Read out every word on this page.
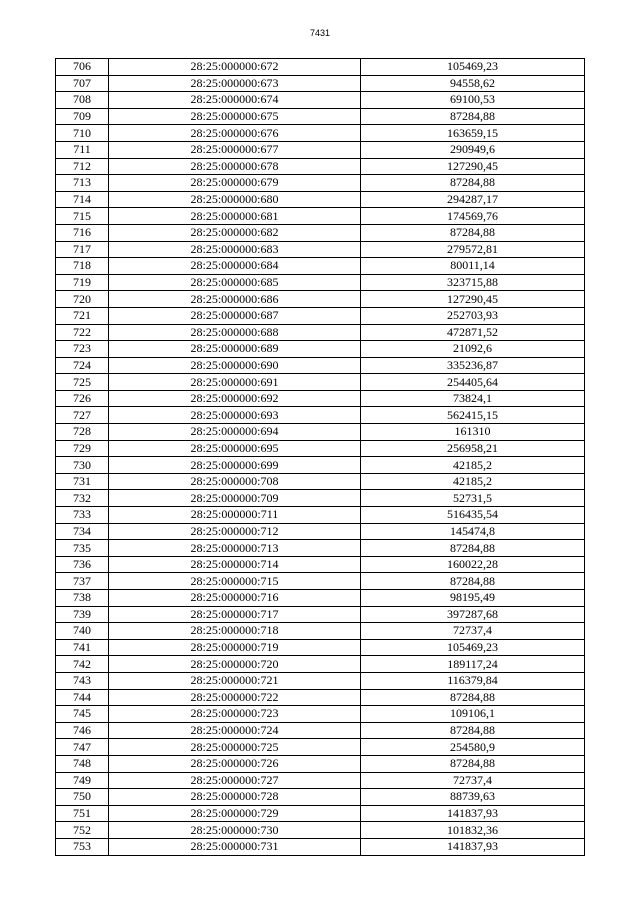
7431
706	28:25:000000:672	105469,23
707	28:25:000000:673	94558,62
708	28:25:000000:674	69100,53
709	28:25:000000:675	87284,88
710	28:25:000000:676	163659,15
711	28:25:000000:677	290949,6
712	28:25:000000:678	127290,45
713	28:25:000000:679	87284,88
714	28:25:000000:680	294287,17
715	28:25:000000:681	174569,76
716	28:25:000000:682	87284,88
717	28:25:000000:683	279572,81
718	28:25:000000:684	80011,14
719	28:25:000000:685	323715,88
720	28:25:000000:686	127290,45
721	28:25:000000:687	252703,93
722	28:25:000000:688	472871,52
723	28:25:000000:689	21092,6
724	28:25:000000:690	335236,87
725	28:25:000000:691	254405,64
726	28:25:000000:692	73824,1
727	28:25:000000:693	562415,15
728	28:25:000000:694	161310
729	28:25:000000:695	256958,21
730	28:25:000000:699	42185,2
731	28:25:000000:708	42185,2
732	28:25:000000:709	52731,5
733	28:25:000000:711	516435,54
734	28:25:000000:712	145474,8
735	28:25:000000:713	87284,88
736	28:25:000000:714	160022,28
737	28:25:000000:715	87284,88
738	28:25:000000:716	98195,49
739	28:25:000000:717	397287,68
740	28:25:000000:718	72737,4
741	28:25:000000:719	105469,23
742	28:25:000000:720	189117,24
743	28:25:000000:721	116379,84
744	28:25:000000:722	87284,88
745	28:25:000000:723	109106,1
746	28:25:000000:724	87284,88
747	28:25:000000:725	254580,9
748	28:25:000000:726	87284,88
749	28:25:000000:727	72737,4
750	28:25:000000:728	88739,63
751	28:25:000000:729	141837,93
752	28:25:000000:730	101832,36
753	28:25:000000:731	141837,93
